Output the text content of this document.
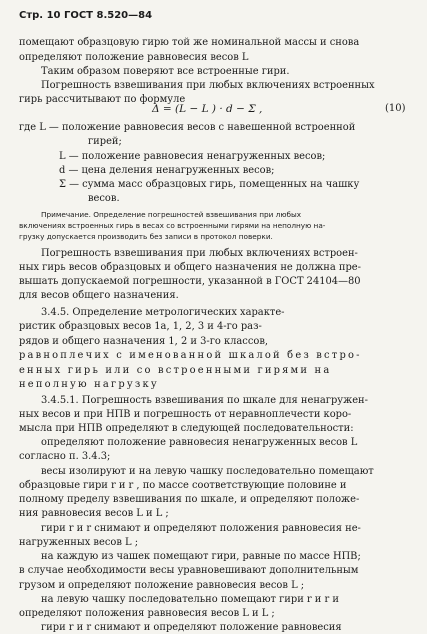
Стр. 10 ГОСТ 8.520—84
помещают образцовую гирю той же номинальной массы и снова
определяют положение равновесия весов L
Таким образом поверяют все встроенные гири.
Погрешность взвешивания при любых включениях встроенных
гирь рассчитывают по формуле
Δ = (L − L ) · d − Σ ,	(10)
где L — положение равновесия весов с навешенной встроенной
гирей;
L — положение равновесия ненагруженных весов;
d — цена деления ненагруженных весов;
Σ — сумма масс образцовых гирь, помещенных на чашку
весов.
Примечание. Определение погрешностей взвешивания при любых
включениях встроенных гирь в весах со встроенными гирями на неполную на-
грузку допускается производить без записи в протокол поверки.
Погрешность взвешивания при любых включениях встроен-
ных гирь весов образцовых и общего назначения не должна пре-
вышать допускаемой погрешности, указанной в ГОСТ 24104—80
для весов общего назначения.
3.4.5. Определение метрологических характе-
ристик образцовых весов 1а, 1, 2, 3 и 4-го раз-
рядов и общего назначения 1, 2 и 3-го классов,
равноплечих с именованной шкалой без встро-
енных гирь или со встроенными гирями на
неполную нагрузку
3.4.5.1. Погрешность взвешивания по шкале для ненагружен-
ных весов и при НПВ и погрешность от неравноплечести коро-
мысла при НПВ определяют в следующей последовательности:
определяют положение равновесия ненагруженных весов L
согласно п. 3.4.3;
весы изолируют и на левую чашку последовательно помещают
образцовые гири r и r , по массе соответствующие половине и
полному пределу взвешивания по шкале, и определяют положе-
ния равновесия весов L и L ;
гири r и r снимают и определяют положения равновесия не-
нагруженных весов L ;
на каждую из чашек помещают гири, равные по массе НПВ;
в случае необходимости весы уравновешивают дополнительным
грузом и определяют положение равновесия весов L ;
на левую чашку последовательно помещают гири r и r и
определяют положения равновесия весов L и L ;
гири r и r снимают и определяют положение равновесия
